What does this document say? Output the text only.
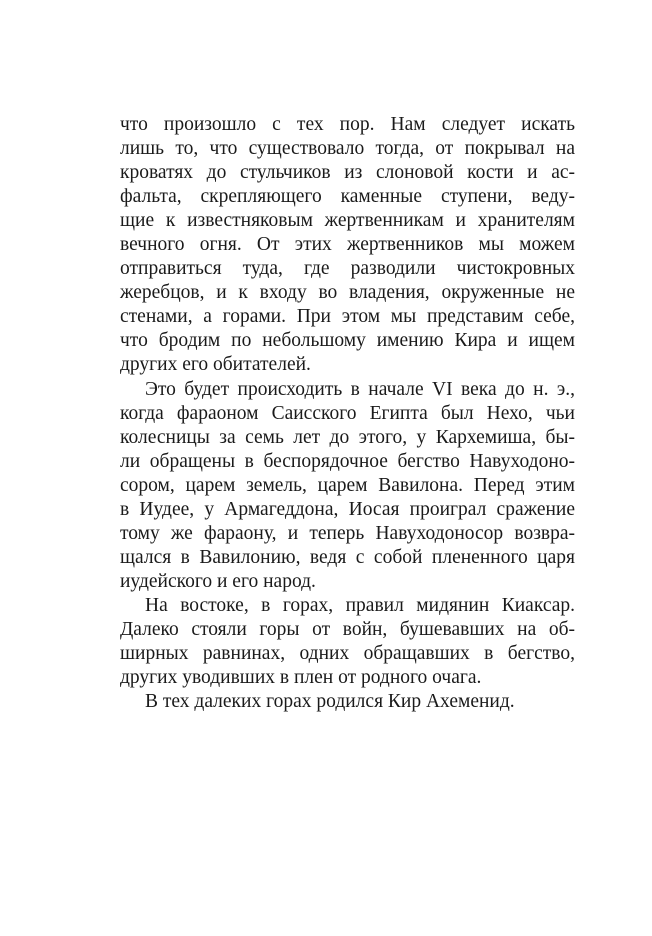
что произошло с тех пор. Нам следует искать
лишь то, что существовало тогда, от покрывал на
кроватях до стульчиков из слоновой кости и ас-
фальта, скрепляющего каменные ступени, веду-
щие к известняковым жертвенникам и хранителям
вечного огня. От этих жертвенников мы можем
отправиться туда, где разводили чистокровных
жеребцов, и к входу во владения, окруженные не
стенами, а горами. При этом мы представим себе,
что бродим по небольшому имению Кира и ищем
других его обитателей.
Это будет происходить в начале VI века до н. э.,
когда фараоном Саисского Египта был Нехо, чьи
колесницы за семь лет до этого, у Кархемиша, бы-
ли обращены в беспорядочное бегство Навуходоно-
сором, царем земель, царем Вавилона. Перед этим
в Иудее, у Армагеддона, Иосая проиграл сражение
тому же фараону, и теперь Навуходоносор возвра-
щался в Вавилонию, ведя с собой плененного царя
иудейского и его народ.
На востоке, в горах, правил мидянин Киаксар.
Далеко стояли горы от войн, бушевавших на об-
ширных равнинах, одних обращавших в бегство,
других уводивших в плен от родного очага.
В тех далеких горах родился Кир Ахеменид.
